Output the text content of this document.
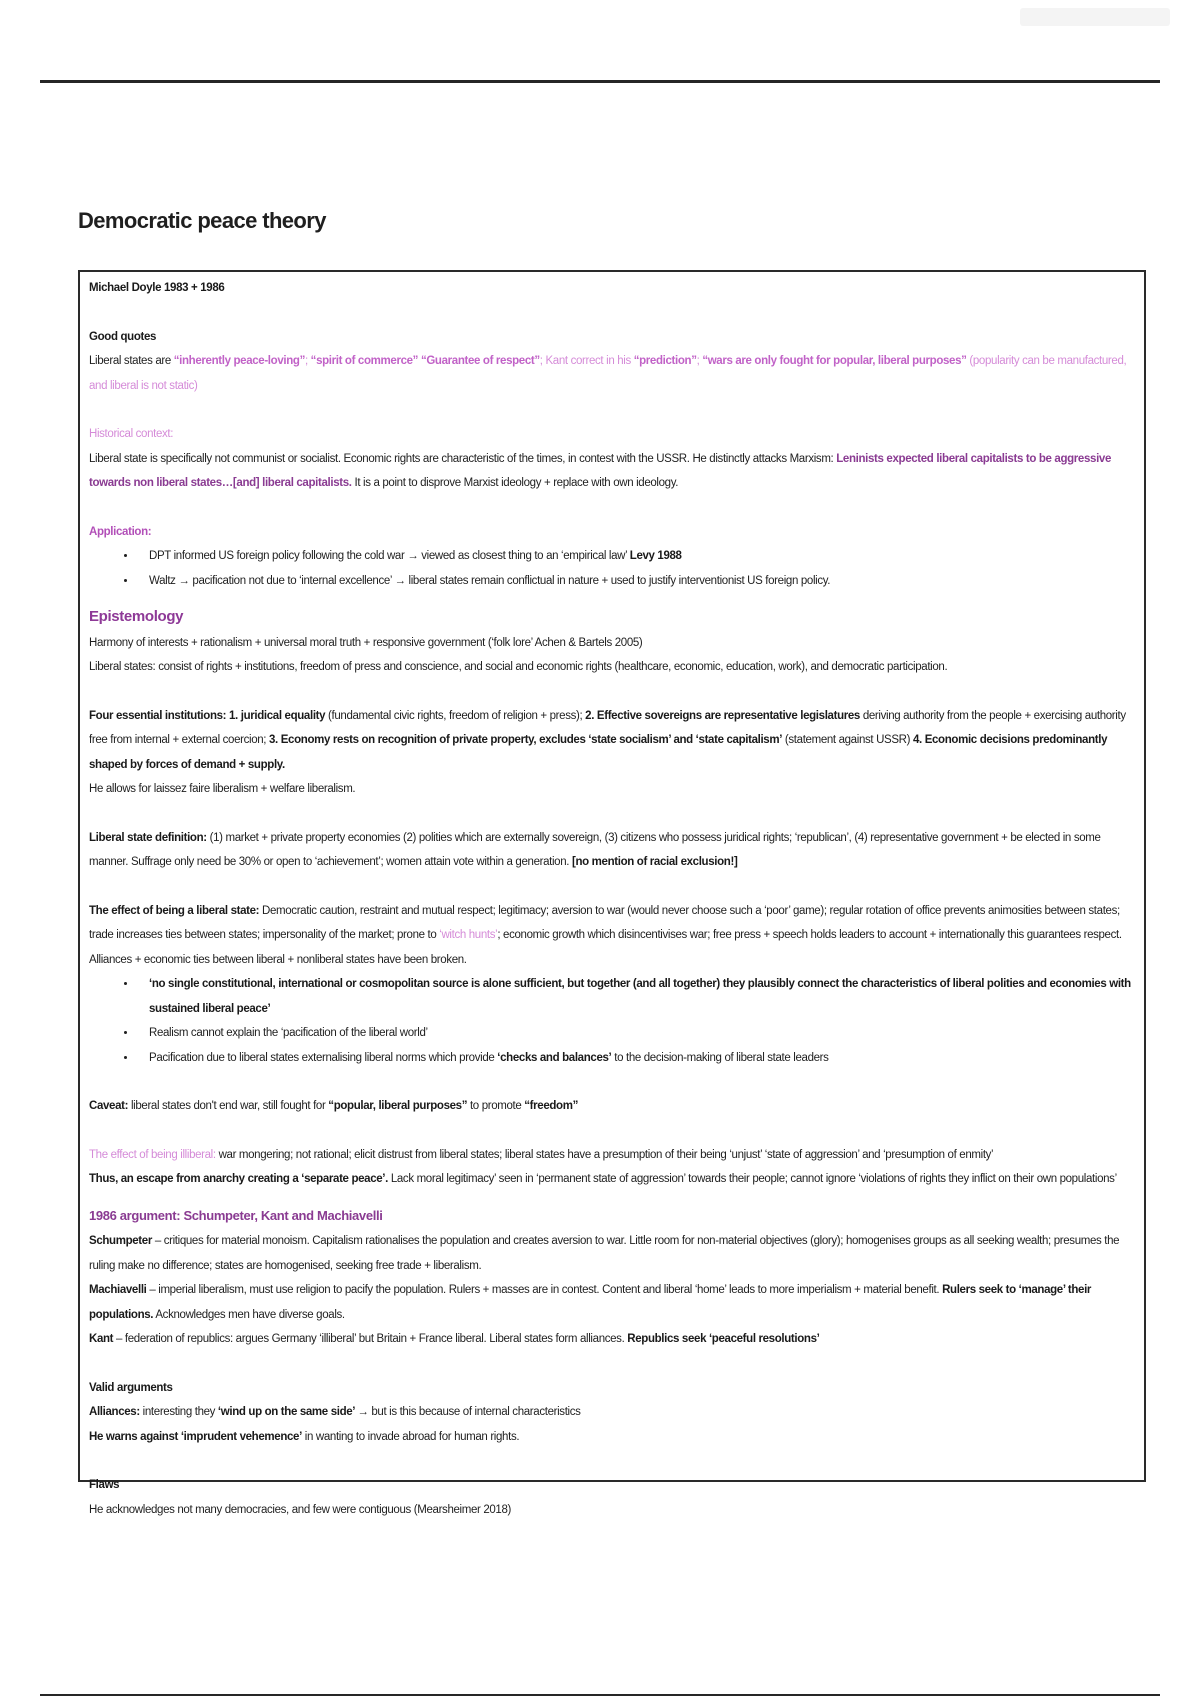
Democratic peace theory

Michael Doyle 1983 + 1986

Good quotes

Liberal states are “inherently peace-loving”; “spirit of commerce” “Guarantee of respect”; Kant correct in his “prediction”; “wars are only fought for popular, liberal purposes” (popularity can be manufactured, and liberal is not static)

Historical context:

Liberal state is specifically not communist or socialist. Economic rights are characteristic of the times, in contest with the USSR. He distinctly attacks Marxism: Leninists expected liberal capitalists to be aggressive towards non liberal states…[and] liberal capitalists. It is a point to disprove Marxist ideology + replace with own ideology.

Application:

• DPT informed US foreign policy following the cold war → viewed as closest thing to an ‘empirical law’ Levy 1988
• Waltz → pacification not due to ‘internal excellence’ → liberal states remain conflictual in nature + used to justify interventionist US foreign policy.

Epistemology

Harmony of interests + rationalism + universal moral truth + responsive government (‘folk lore’ Achen & Bartels 2005)

Liberal states: consist of rights + institutions, freedom of press and conscience, and social and economic rights (healthcare, economic, education, work), and democratic participation.

Four essential institutions: 1. juridical equality (fundamental civic rights, freedom of religion + press); 2. Effective sovereigns are representative legislatures deriving authority from the people + exercising authority free from internal + external coercion; 3. Economy rests on recognition of private property, excludes ‘state socialism’ and ‘state capitalism’ (statement against USSR) 4. Economic decisions predominantly shaped by forces of demand + supply.

He allows for laissez faire liberalism + welfare liberalism.

Liberal state definition: (1) market + private property economies (2) polities which are externally sovereign, (3) citizens who possess juridical rights; ‘republican’, (4) representative government + be elected in some manner. Suffrage only need be 30% or open to ‘achievement’; women attain vote within a generation. [no mention of racial exclusion!]

The effect of being a liberal state: Democratic caution, restraint and mutual respect; legitimacy; aversion to war (would never choose such a ‘poor’ game); regular rotation of office prevents animosities between states; trade increases ties between states; impersonality of the market; prone to ‘witch hunts’; economic growth which disincentivises war; free press + speech holds leaders to account + internationally this guarantees respect. Alliances + economic ties between liberal + nonliberal states have been broken.

• ‘no single constitutional, international or cosmopolitan source is alone sufficient, but together (and all together) they plausibly connect the characteristics of liberal polities and economies with sustained liberal peace’
• Realism cannot explain the ‘pacification of the liberal world’
• Pacification due to liberal states externalising liberal norms which provide ‘checks and balances’ to the decision-making of liberal state leaders

Caveat: liberal states don't end war, still fought for “popular, liberal purposes” to promote “freedom”

The effect of being illiberal: war mongering; not rational; elicit distrust from liberal states; liberal states have a presumption of their being ‘unjust’ ‘state of aggression’ and ‘presumption of enmity’

Thus, an escape from anarchy creating a ‘separate peace’. Lack moral legitimacy’ seen in ‘permanent state of aggression’ towards their people; cannot ignore ‘violations of rights they inflict on their own populations’

1986 argument: Schumpeter, Kant and Machiavelli

Schumpeter – critiques for material monoism. Capitalism rationalises the population and creates aversion to war. Little room for non-material objectives (glory); homogenises groups as all seeking wealth; presumes the ruling make no difference; states are homogenised, seeking free trade + liberalism.

Machiavelli – imperial liberalism, must use religion to pacify the population. Rulers + masses are in contest. Content and liberal ‘home’ leads to more imperialism + material benefit. Rulers seek to ‘manage’ their populations. Acknowledges men have diverse goals.

Kant – federation of republics: argues Germany ‘illiberal’ but Britain + France liberal. Liberal states form alliances. Republics seek ‘peaceful resolutions’

Valid arguments

Alliances: interesting they ‘wind up on the same side’ → but is this because of internal characteristics

He warns against ‘imprudent vehemence’ in wanting to invade abroad for human rights.

Flaws

He acknowledges not many democracies, and few were contiguous (Mearsheimer 2018)
